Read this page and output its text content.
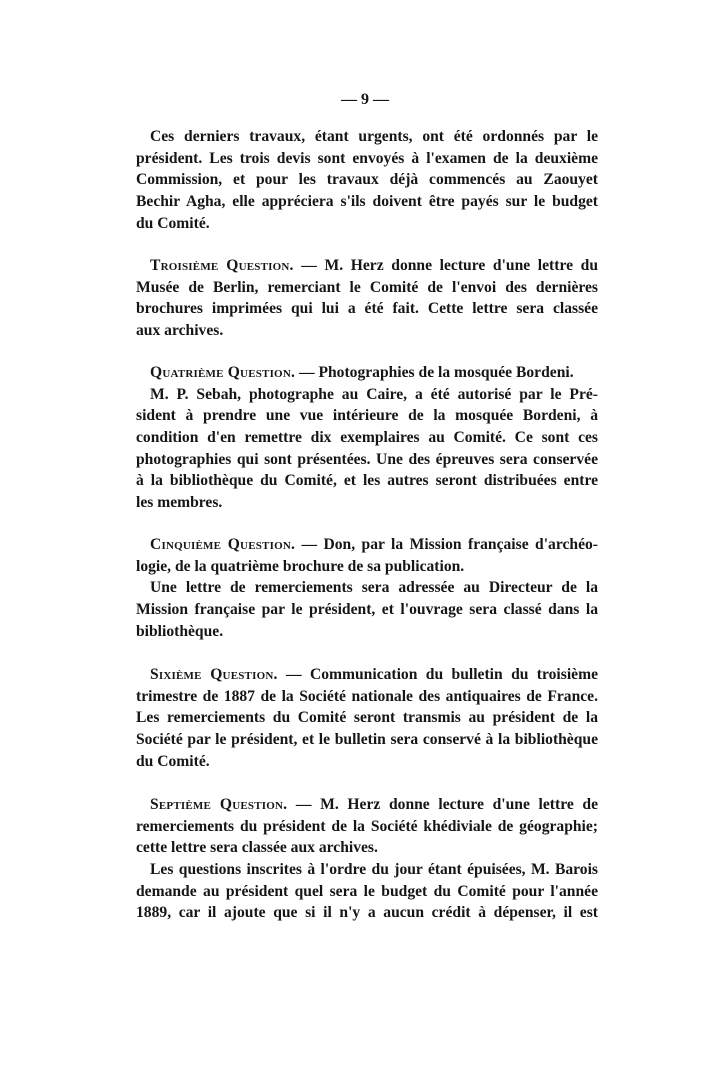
— 9 —
Ces derniers travaux, étant urgents, ont été ordonnés par le
président. Les trois devis sont envoyés à l'examen de la deuxième
Commission, et pour les travaux déjà commencés au Zaouyet
Bechir Agha, elle appréciera s'ils doivent être payés sur le budget
du Comité.
Troisième Question. — M. Herz donne lecture d'une lettre du
Musée de Berlin, remerciant le Comité de l'envoi des dernières
brochures imprimées qui lui a été fait. Cette lettre sera classée
aux archives.
Quatrième Question. — Photographies de la mosquée Bordeni.
M. P. Sebah, photographe au Caire, a été autorisé par le Pré-
sident à prendre une vue intérieure de la mosquée Bordeni, à
condition d'en remettre dix exemplaires au Comité. Ce sont ces
photographies qui sont présentées. Une des épreuves sera conservée
à la bibliothèque du Comité, et les autres seront distribuées entre
les membres.
Cinquième Question. — Don, par la Mission française d'archéo-
logie, de la quatrième brochure de sa publication.
Une lettre de remerciements sera adressée au Directeur de la
Mission française par le président, et l'ouvrage sera classé dans la
bibliothèque.
Sixième Question. — Communication du bulletin du troisième
trimestre de 1887 de la Société nationale des antiquaires de France.
Les remerciements du Comité seront transmis au président de la
Société par le président, et le bulletin sera conservé à la bibliothèque
du Comité.
Septième Question. — M. Herz donne lecture d'une lettre de
remerciements du président de la Société khédiviale de géographie;
cette lettre sera classée aux archives.
Les questions inscrites à l'ordre du jour étant épuisées, M. Barois
demande au président quel sera le budget du Comité pour l'année
1889, car il ajoute que si il n'y a aucun crédit à dépenser, il est
